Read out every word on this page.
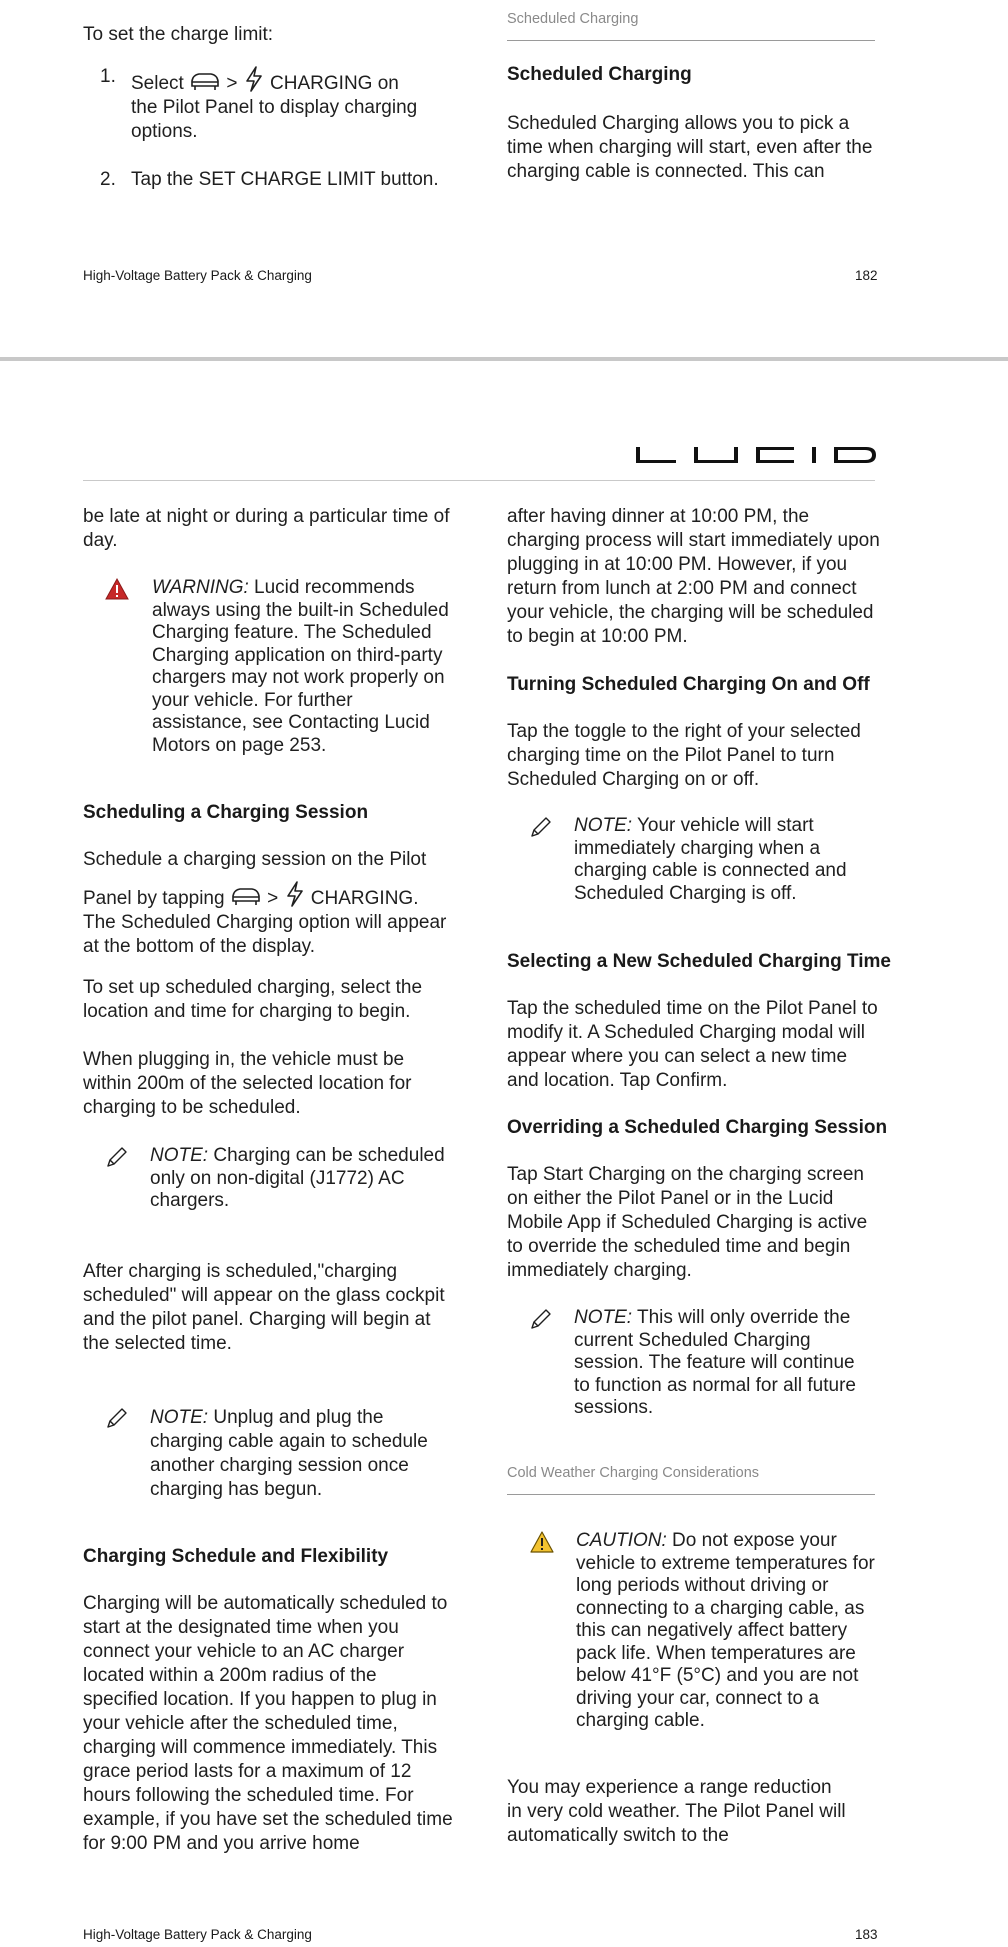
To set the charge limit:
1. Select > CHARGING on
the Pilot Panel to display charging
options.
2. Tap the SET CHARGE LIMIT button.
Scheduled Charging
Scheduled Charging
Scheduled Charging allows you to pick a time when charging will start, even after the charging cable is connected. This can
High-Voltage Battery Pack & Charging	182
be late at night or during a particular time of day.
WARNING: Lucid recommends always using the built-in Scheduled Charging feature. The Scheduled Charging application on third-party chargers may not work properly on your vehicle. For further assistance, see Contacting Lucid Motors on page 253.
Scheduling a Charging Session
Schedule a charging session on the Pilot
Panel by tapping > CHARGING.
The Scheduled Charging option will appear at the bottom of the display.
To set up scheduled charging, select the location and time for charging to begin.
When plugging in, the vehicle must be within 200m of the selected location for charging to be scheduled.
NOTE: Charging can be scheduled only on non-digital (J1772) AC chargers.
After charging is scheduled,"charging scheduled" will appear on the glass cockpit and the pilot panel. Charging will begin at the selected time.
NOTE: Unplug and plug the charging cable again to schedule another charging session once charging has begun.
Charging Schedule and Flexibility
Charging will be automatically scheduled to start at the designated time when you connect your vehicle to an AC charger located within a 200m radius of the specified location. If you happen to plug in your vehicle after the scheduled time, charging will commence immediately. This grace period lasts for a maximum of 12 hours following the scheduled time. For example, if you have set the scheduled time for 9:00 PM and you arrive home
after having dinner at 10:00 PM, the charging process will start immediately upon plugging in at 10:00 PM. However, if you return from lunch at 2:00 PM and connect your vehicle, the charging will be scheduled to begin at 10:00 PM.
Turning Scheduled Charging On and Off
Tap the toggle to the right of your selected charging time on the Pilot Panel to turn Scheduled Charging on or off.
NOTE: Your vehicle will start immediately charging when a charging cable is connected and Scheduled Charging is off.
Selecting a New Scheduled Charging Time
Tap the scheduled time on the Pilot Panel to modify it. A Scheduled Charging modal will appear where you can select a new time and location. Tap Confirm.
Overriding a Scheduled Charging Session
Tap Start Charging on the charging screen on either the Pilot Panel or in the Lucid Mobile App if Scheduled Charging is active to override the scheduled time and begin immediately charging.
NOTE: This will only override the current Scheduled Charging session. The feature will continue to function as normal for all future sessions.
Cold Weather Charging Considerations
CAUTION: Do not expose your vehicle to extreme temperatures for long periods without driving or connecting to a charging cable, as this can negatively affect battery pack life. When temperatures are below 41°F (5°C) and you are not driving your car, connect to a charging cable.
You may experience a range reduction in very cold weather. The Pilot Panel will automatically switch to the
High-Voltage Battery Pack & Charging	183
